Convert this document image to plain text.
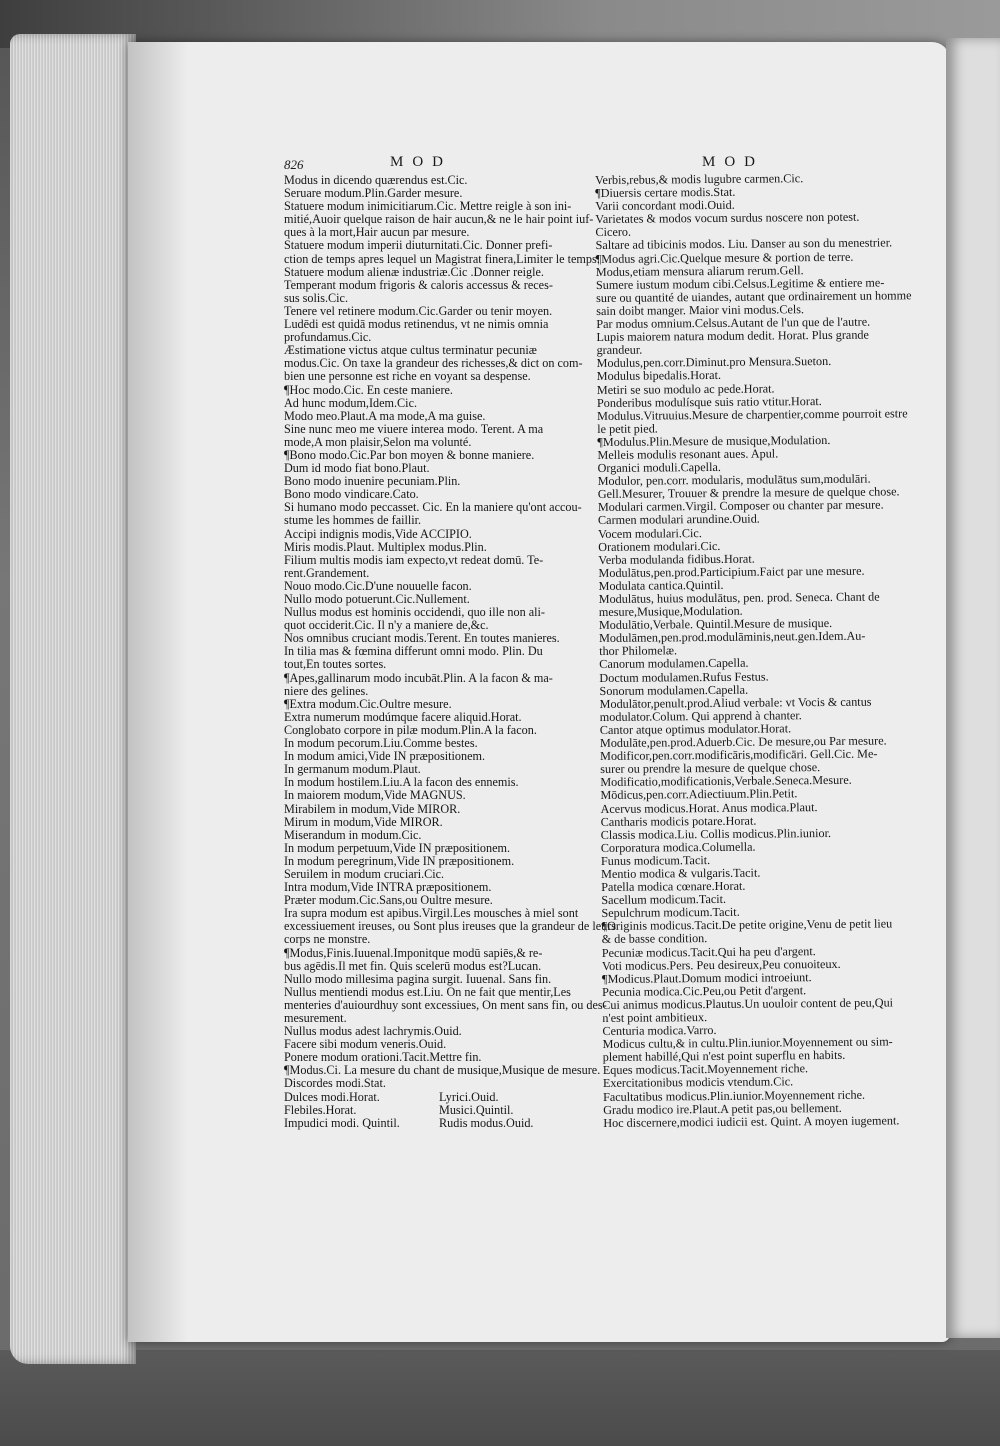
826	MOD	MOD
Modus in dicendo quærendus est.Cic.
Seruare modum.Plin.Garder mesure.
Statuere modum inimicitiarum.Cic. Mettre reigle à son ini-
mitié,Auoir quelque raison de hair aucun,& ne le hair point iuf-
ques à la mort,Hair aucun par mesure.
Statuere modum imperii diuturnitati.Cic. Donner prefi-
ction de temps apres lequel un Magistrat finera,Limiter le temps.
Statuere modum alienæ industriæ.Cic .Donner reigle.
Temperant modum frigoris & caloris accessus & reces-
sus solis.Cic.
Tenere vel retinere modum.Cic.Garder ou tenir moyen.
Ludēdi est quidā modus retinendus, vt ne nimis omnia
profundamus.Cic.
Æstimatione victus atque cultus terminatur pecuniæ
modus.Cic. On taxe la grandeur des richesses,& dict on com-
bien une personne est riche en voyant sa despense.
¶Hoc modo.Cic. En ceste maniere.
Ad hunc modum,Idem.Cic.
Modo meo.Plaut.A ma mode,A ma guise.
Sine nunc meo me viuere interea modo. Terent. A ma
mode,A mon plaisir,Selon ma volunté.
¶Bono modo.Cic.Par bon moyen & bonne maniere.
Dum id modo fiat bono.Plaut.
Bono modo inuenire pecuniam.Plin.
Bono modo vindicare.Cato.
Si humano modo peccasset. Cic. En la maniere qu'ont accou-
stume les hommes de faillir.
Accipi indignis modis,Vide ACCIPIO.
Miris modis.Plaut. Multiplex modus.Plin.
Filium multis modis iam expecto,vt redeat domū. Te-
rent.Grandement.
Nouo modo.Cic.D'une nouuelle facon.
Nullo modo potuerunt.Cic.Nullement.
Nullus modus est hominis occidendi, quo ille non ali-
quot occiderit.Cic. Il n'y a maniere de,&c.
Nos omnibus cruciant modis.Terent. En toutes manieres.
In tilia mas & fœmina differunt omni modo. Plin. Du
tout,En toutes sortes.
¶Apes,gallinarum modo incubāt.Plin. A la facon & ma-
niere des gelines.
¶Extra modum.Cic.Oultre mesure.
Extra numerum modúmque facere aliquid.Horat.
Conglobato corpore in pilæ modum.Plin.A la facon.
In modum pecorum.Liu.Comme bestes.
In modum amici,Vide IN præpositionem.
In germanum modum.Plaut.
In modum hostilem.Liu.A la facon des ennemis.
In maiorem modum,Vide MAGNUS.
Mirabilem in modum,Vide MIROR.
Mirum in modum,Vide MIROR.
Miserandum in modum.Cic.
In modum perpetuum,Vide IN præpositionem.
In modum peregrinum,Vide IN præpositionem.
Seruilem in modum cruciari.Cic.
Intra modum,Vide INTRA præpositionem.
Præter modum.Cic.Sans,ou Oultre mesure.
Ira supra modum est apibus.Virgil.Les mousches à miel sont
excessiuement ireuses, ou Sont plus ireuses que la grandeur de leurs
corps ne monstre.
¶Modus,Finis.Iuuenal.Imponitque modū sapiēs,& re-
bus agēdis.Il met fin. Quis scelerū modus est?Lucan.
Nullo modo millesima pagina surgit. Iuuenal. Sans fin.
Nullus mentiendi modus est.Liu. On ne fait que mentir,Les
menteries d'auiourdhuy sont excessiues, On ment sans fin, ou des-
mesurement.
Nullus modus adest lachrymis.Ouid.
Facere sibi modum veneris.Ouid.
Ponere modum orationi.Tacit.Mettre fin.
¶Modus.Ci. La mesure du chant de musique,Musique de mesure.
Discordes modi.Stat.
Dulces modi.Horat.	Lyrici.Ouid.
Flebiles.Horat.	Musici.Quintil.
Impudici modi. Quintil.	Rudis modus.Ouid.
Verbis,rebus,& modis lugubre carmen.Cic.
¶Diuersis certare modis.Stat.
Varii concordant modi.Ouid.
Varietates & modos vocum surdus noscere non potest.
Cicero.
Saltare ad tibicinis modos. Liu. Danser au son du menestrier.
¶Modus agri.Cic.Quelque mesure & portion de terre.
Modus,etiam mensura aliarum rerum.Gell.
Sumere iustum modum cibi.Celsus.Legitime & entiere me-
sure ou quantité de uiandes, autant que ordinairement un homme
sain doibt manger. Maior vini modus.Cels.
Par modus omnium.Celsus.Autant de l'un que de l'autre.
Lupis maiorem natura modum dedit. Horat. Plus grande
grandeur.
Modulus,pen.corr.Diminut.pro Mensura.Sueton.
Modulus bipedalis.Horat.
Metiri se suo modulo ac pede.Horat.
Ponderibus modulísque suis ratio vtitur.Horat.
Modulus.Vitruuius.Mesure de charpentier,comme pourroit estre
le petit pied.
¶Modulus.Plin.Mesure de musique,Modulation.
Melleis modulis resonant aues. Apul.
Organici moduli.Capella.
Modulor, pen.corr. modularis, modulātus sum,modulāri.
Gell.Mesurer, Trouuer & prendre la mesure de quelque chose.
Modulari carmen.Virgil. Composer ou chanter par mesure.
Carmen modulari arundine.Ouid.
Vocem modulari.Cic.
Orationem modulari.Cic.
Verba modulanda fidibus.Horat.
Modulātus,pen.prod.Participium.Faict par une mesure.
Modulata cantica.Quintil.
Modulātus, huius modulātus, pen. prod. Seneca. Chant de
mesure,Musique,Modulation.
Modulātio,Verbale. Quintil.Mesure de musique.
Modulāmen,pen.prod.modulāminis,neut.gen.Idem.Au-
thor Philomelæ.
Canorum modulamen.Capella.
Doctum modulamen.Rufus Festus.
Sonorum modulamen.Capella.
Modulātor,penult.prod.Aliud verbale: vt Vocis & cantus
modulator.Colum. Qui apprend à chanter.
Cantor atque optimus modulator.Horat.
Modulāte,pen.prod.Aduerb.Cic. De mesure,ou Par mesure.
Modificor,pen.corr.modificāris,modificāri. Gell.Cic. Me-
surer ou prendre la mesure de quelque chose.
Modificatio,modificationis,Verbale.Seneca.Mesure.
Mōdicus,pen.corr.Adiectiuum.Plin.Petit.
Acervus modicus.Horat. Anus modica.Plaut.
Cantharis modicis potare.Horat.
Classis modica.Liu. Collis modicus.Plin.iunior.
Corporatura modica.Columella.
Funus modicum.Tacit.
Mentio modica & vulgaris.Tacit.
Patella modica cœnare.Horat.
Sacellum modicum.Tacit.
Sepulchrum modicum.Tacit.
¶Originis modicus.Tacit.De petite origine,Venu de petit lieu
& de basse condition.
Pecuniæ modicus.Tacit.Qui ha peu d'argent.
Voti modicus.Pers. Peu desireux,Peu conuoiteux.
¶Modicus.Plaut.Domum modici introeiunt.
Pecunia modica.Cic.Peu,ou Petit d'argent.
Cui animus modicus.Plautus.Un uouloir content de peu,Qui
n'est point ambitieux.
Centuria modica.Varro.
Modicus cultu,& in cultu.Plin.iunior.Moyennement ou sim-
plement habillé,Qui n'est point superflu en habits.
Eques modicus.Tacit.Moyennement riche.
Exercitationibus modicis vtendum.Cic.
Facultatibus modicus.Plin.iunior.Moyennement riche.
Gradu modico ire.Plaut.A petit pas,ou bellement.
Hoc discernere,modici iudicii est. Quint. A moyen iugement.
